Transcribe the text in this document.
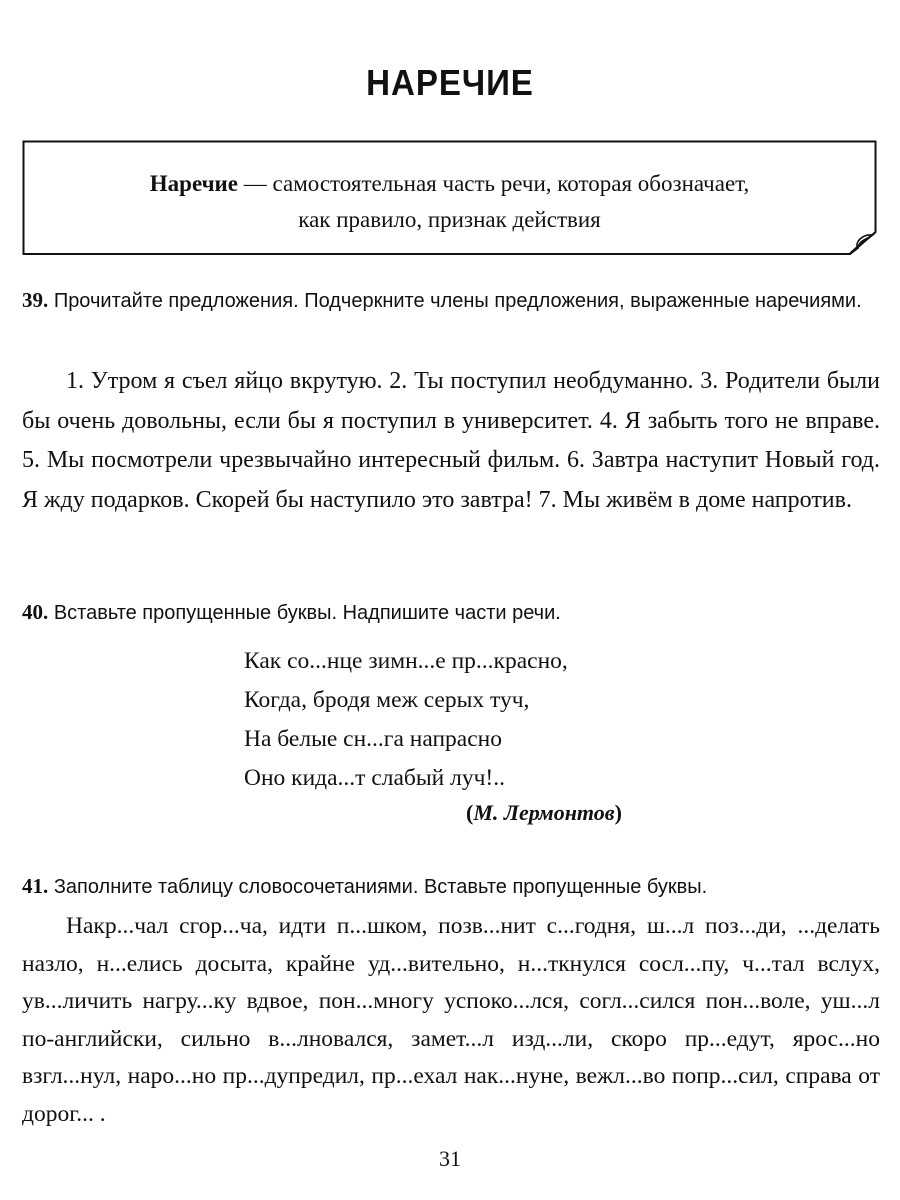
НАРЕЧИЕ
Наречие — самостоятельная часть речи, которая обозначает,
как правило, признак действия
39. Прочитайте предложения. Подчеркните члены предложения, выраженные наречиями.
1. Утром я съел яйцо вкрутую. 2. Ты поступил необдуманно. 3. Родители были бы очень довольны, если бы я поступил в университет. 4. Я забыть того не вправе. 5. Мы посмотрели чрезвычайно интересный фильм. 6. Завтра наступит Новый год. Я жду подарков. Скорей бы наступило это завтра! 7. Мы живём в доме напротив.
40. Вставьте пропущенные буквы. Надпишите части речи.
Как со...нце зимн...е пр...красно,
Когда, бродя меж серых туч,
На белые сн...га напрасно
Оно кида...т слабый луч!..
(М. Лермонтов)
41. Заполните таблицу словосочетаниями. Вставьте пропущенные буквы.
Накр...чал сгор...ча, идти п...шком, позв...нит с...годня, ш...л поз...ди, ...делать назло, н...елись досыта, крайне уд...вительно, н...ткнулся сосл...пу, ч...тал вслух, ув...личить нагру...ку вдвое, пон...многу успоко...лся, согл...сился пон...воле, уш...л по-английски, сильно в...лновался, замет...л изд...ли, скоро пр...едут, ярос...но взгл...нул, наро...но пр...дупредил, пр...ехал нак...нуне, вежл...во попр...сил, справа от дорог... .
31
